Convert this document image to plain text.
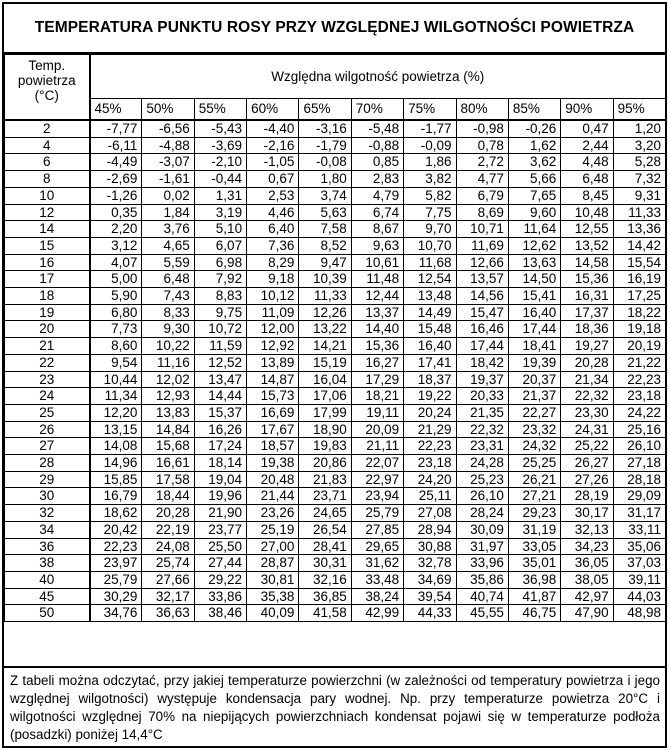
TEMPERATURA PUNKTU ROSY PRZY WZGLĘDNEJ WILGOTNOŚCI POWIETRZA
Temp. powietrza (°C)	Względna wilgotność powietrza (%)										
	45%	50%	55%	60%	65%	70%	75%	80%	85%	90%	95%
2	-7,77	-6,56	-5,43	-4,40	-3,16	-5,48	-1,77	-0,98	-0,26	0,47	1,20
4	-6,11	-4,88	-3,69	-2,16	-1,79	-0,88	-0,09	0,78	1,62	2,44	3,20
6	-4,49	-3,07	-2,10	-1,05	-0,08	0,85	1,86	2,72	3,62	4,48	5,28
8	-2,69	-1,61	-0,44	0,67	1,80	2,83	3,82	4,77	5,66	6,48	7,32
10	-1,26	0,02	1,31	2,53	3,74	4,79	5,82	6,79	7,65	8,45	9,31
12	0,35	1,84	3,19	4,46	5,63	6,74	7,75	8,69	9,60	10,48	11,33
14	2,20	3,76	5,10	6,40	7,58	8,67	9,70	10,71	11,64	12,55	13,36
15	3,12	4,65	6,07	7,36	8,52	9,63	10,70	11,69	12,62	13,52	14,42
16	4,07	5,59	6,98	8,29	9,47	10,61	11,68	12,66	13,63	14,58	15,54
17	5,00	6,48	7,92	9,18	10,39	11,48	12,54	13,57	14,50	15,36	16,19
18	5,90	7,43	8,83	10,12	11,33	12,44	13,48	14,56	15,41	16,31	17,25
19	6,80	8,33	9,75	11,09	12,26	13,37	14,49	15,47	16,40	17,37	18,22
20	7,73	9,30	10,72	12,00	13,22	14,40	15,48	16,46	17,44	18,36	19,18
21	8,60	10,22	11,59	12,92	14,21	15,36	16,40	17,44	18,41	19,27	20,19
22	9,54	11,16	12,52	13,89	15,19	16,27	17,41	18,42	19,39	20,28	21,22
23	10,44	12,02	13,47	14,87	16,04	17,29	18,37	19,37	20,37	21,34	22,23
24	11,34	12,93	14,44	15,73	17,06	18,21	19,22	20,33	21,37	22,32	23,18
25	12,20	13,83	15,37	16,69	17,99	19,11	20,24	21,35	22,27	23,30	24,22
26	13,15	14,84	16,26	17,67	18,90	20,09	21,29	22,32	23,32	24,31	25,16
27	14,08	15,68	17,24	18,57	19,83	21,11	22,23	23,31	24,32	25,22	26,10
28	14,96	16,61	18,14	19,38	20,86	22,07	23,18	24,28	25,25	26,27	27,18
29	15,85	17,58	19,04	20,48	21,83	22,97	24,20	25,23	26,21	27,26	28,18
30	16,79	18,44	19,96	21,44	23,71	23,94	25,11	26,10	27,21	28,19	29,09
32	18,62	20,28	21,90	23,26	24,65	25,79	27,08	28,24	29,23	30,17	31,17
34	20,42	22,19	23,77	25,19	26,54	27,85	28,94	30,09	31,19	32,13	33,11
36	22,23	24,08	25,50	27,00	28,41	29,65	30,88	31,97	33,05	34,23	35,06
38	23,97	25,74	27,44	28,87	30,31	31,62	32,78	33,96	35,01	36,05	37,03
40	25,79	27,66	29,22	30,81	32,16	33,48	34,69	35,86	36,98	38,05	39,11
45	30,29	32,17	33,86	35,38	36,85	38,24	39,54	40,74	41,87	42,97	44,03
50	34,76	36,63	38,46	40,09	41,58	42,99	44,33	45,55	46,75	47,90	48,98
Z tabeli można odczytać, przy jakiej temperaturze powierzchni (w zależności od temperatury powietrza i jego względnej wilgotności) występuje kondensacja pary wodnej. Np. przy temperaturze powietrza 20°C i wilgotności względnej 70% na niepijących powierzchniach kondensat pojawi się w temperaturze podłoża (posadzki) poniżej 14,4°C
